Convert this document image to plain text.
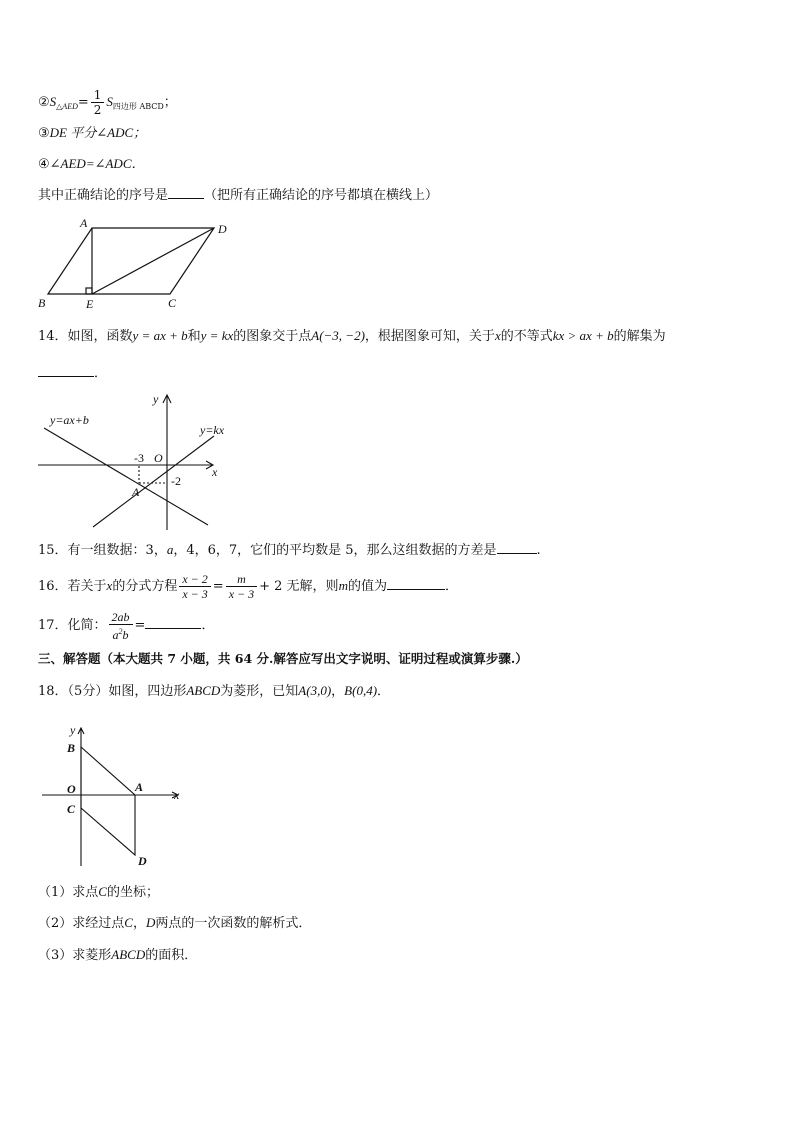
$②S_{\triangle AED}= \frac{1}{2} S_{四边形 ABCD}$；
③DE 平分∠ADC；
④∠AED=∠ADC．
其中正确结论的序号是	（把所有正确结论的序号都填在横线上）
A
B	C
D
E
14．如图，函数y = ax + b和y = kx的图象交于点A(−3, −2)，根据图象可知，关于x的不等式kx > ax + b的解集为
．
y
x
y=ax+b
y=kx
O
-3
-2
A
15．有一组数据：3，a，4，6，7，它们的平均数是 5，那么这组数据的方差是	.
16．若关于x的分式方程 $\frac{x - 2}{x - 3} = \frac{m}{x - 3} + 2$ 无解，则m的值为	．
17．化简： $\frac{2ab}{a^2b}$ =	．
三、解答题（本大题共 7 小题，共 64 分.解答应写出文字说明、证明过程或演算步骤.）
18．（5分）如图，四边形ABCD为菱形，已知A(3,0)，B(0,4)．
y
x
B
O
C
A
D
（1）求点C的坐标；
（2）求经过点C，D两点的一次函数的解析式．
（3）求菱形ABCD的面积．
